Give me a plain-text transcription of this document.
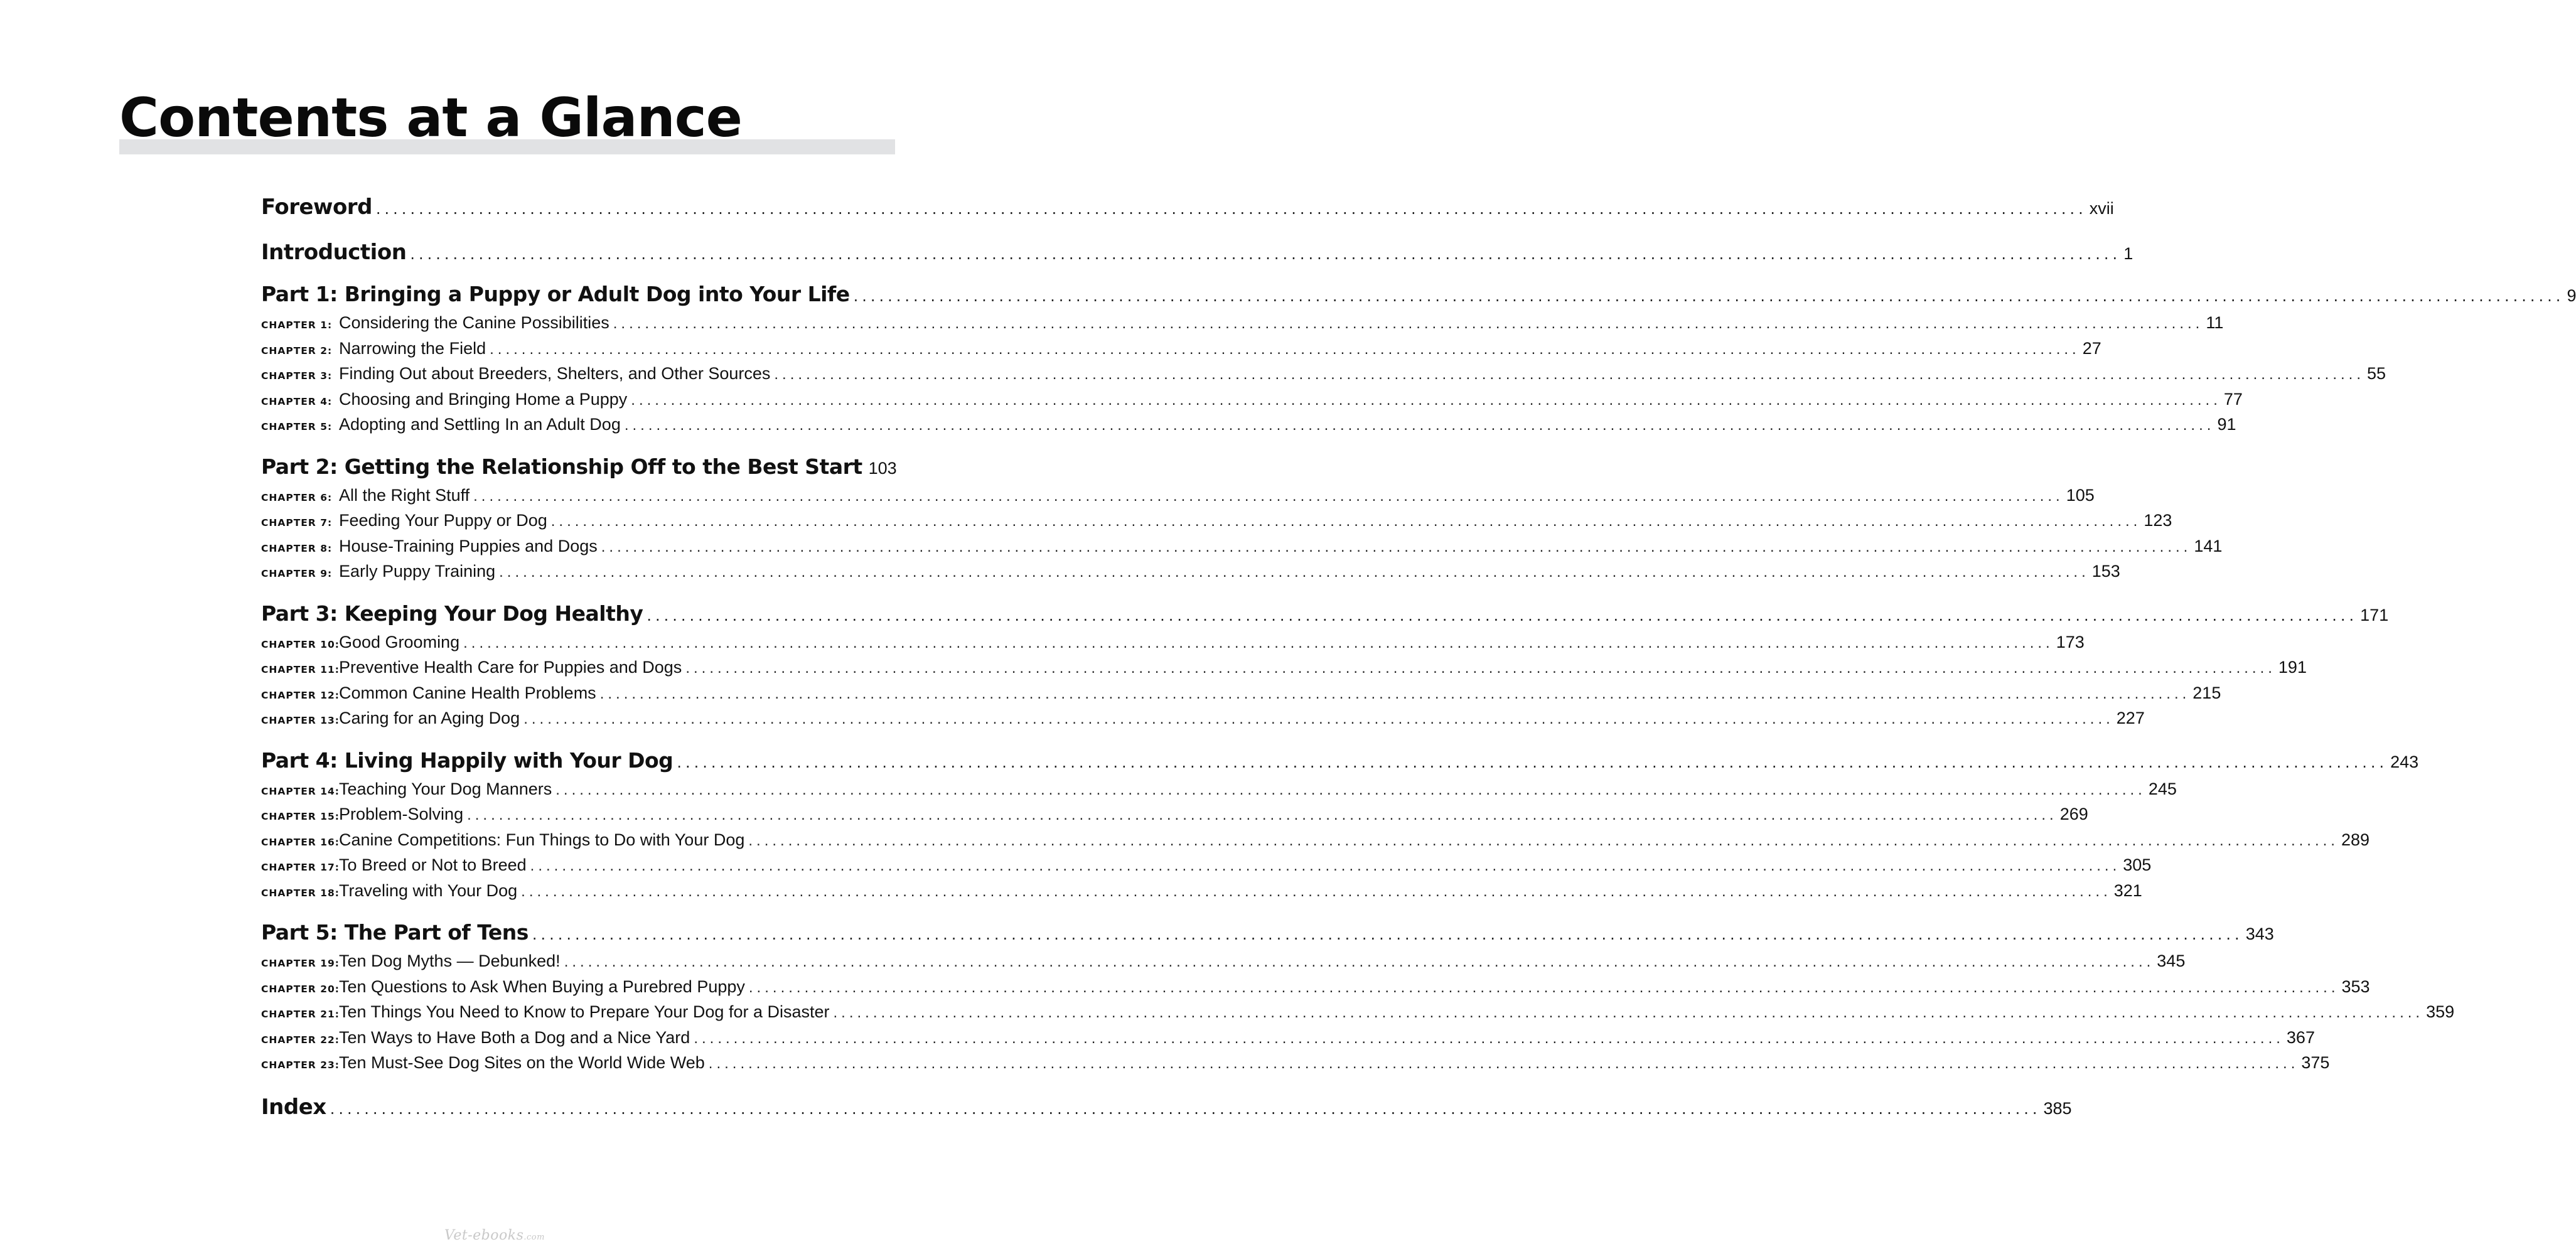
Contents at a Glance
Foreword ........................................................................................................................................................................................................ xvii
Introduction ........................................................................................................................................................................................................ 1
Part 1: Bringing a Puppy or Adult Dog into Your Life ........................................................................................................................................................................................................ 9
CHAPTER 1: Considering the Canine Possibilities ........................................................................................................................................................................................................ 11
CHAPTER 2: Narrowing the Field ........................................................................................................................................................................................................ 27
CHAPTER 3: Finding Out about Breeders, Shelters, and Other Sources ........................................................................................................................................................................................................ 55
CHAPTER 4: Choosing and Bringing Home a Puppy ........................................................................................................................................................................................................ 77
CHAPTER 5: Adopting and Settling In an Adult Dog ........................................................................................................................................................................................................ 91
Part 2: Getting the Relationship Off to the Best Start 103
CHAPTER 6: All the Right Stuff ........................................................................................................................................................................................................ 105
CHAPTER 7: Feeding Your Puppy or Dog ........................................................................................................................................................................................................ 123
CHAPTER 8: House-Training Puppies and Dogs ........................................................................................................................................................................................................ 141
CHAPTER 9: Early Puppy Training ........................................................................................................................................................................................................ 153
Part 3: Keeping Your Dog Healthy ........................................................................................................................................................................................................ 171
CHAPTER 10:Good Grooming ........................................................................................................................................................................................................ 173
CHAPTER 11:Preventive Health Care for Puppies and Dogs ........................................................................................................................................................................................................ 191
CHAPTER 12:Common Canine Health Problems ........................................................................................................................................................................................................ 215
CHAPTER 13:Caring for an Aging Dog ........................................................................................................................................................................................................ 227
Part 4: Living Happily with Your Dog ........................................................................................................................................................................................................ 243
CHAPTER 14:Teaching Your Dog Manners ........................................................................................................................................................................................................ 245
CHAPTER 15:Problem-Solving ........................................................................................................................................................................................................ 269
CHAPTER 16:Canine Competitions: Fun Things to Do with Your Dog ........................................................................................................................................................................................................ 289
CHAPTER 17:To Breed or Not to Breed ........................................................................................................................................................................................................ 305
CHAPTER 18:Traveling with Your Dog ........................................................................................................................................................................................................ 321
Part 5: The Part of Tens ........................................................................................................................................................................................................ 343
CHAPTER 19:Ten Dog Myths — Debunked! ........................................................................................................................................................................................................ 345
CHAPTER 20:Ten Questions to Ask When Buying a Purebred Puppy ........................................................................................................................................................................................................ 353
CHAPTER 21:Ten Things You Need to Know to Prepare Your Dog for a Disaster ........................................................................................................................................................................................................ 359
CHAPTER 22:Ten Ways to Have Both a Dog and a Nice Yard ........................................................................................................................................................................................................ 367
CHAPTER 23:Ten Must-See Dog Sites on the World Wide Web ........................................................................................................................................................................................................ 375
Index ........................................................................................................................................................................................................ 385
Vet-ebooks.com
